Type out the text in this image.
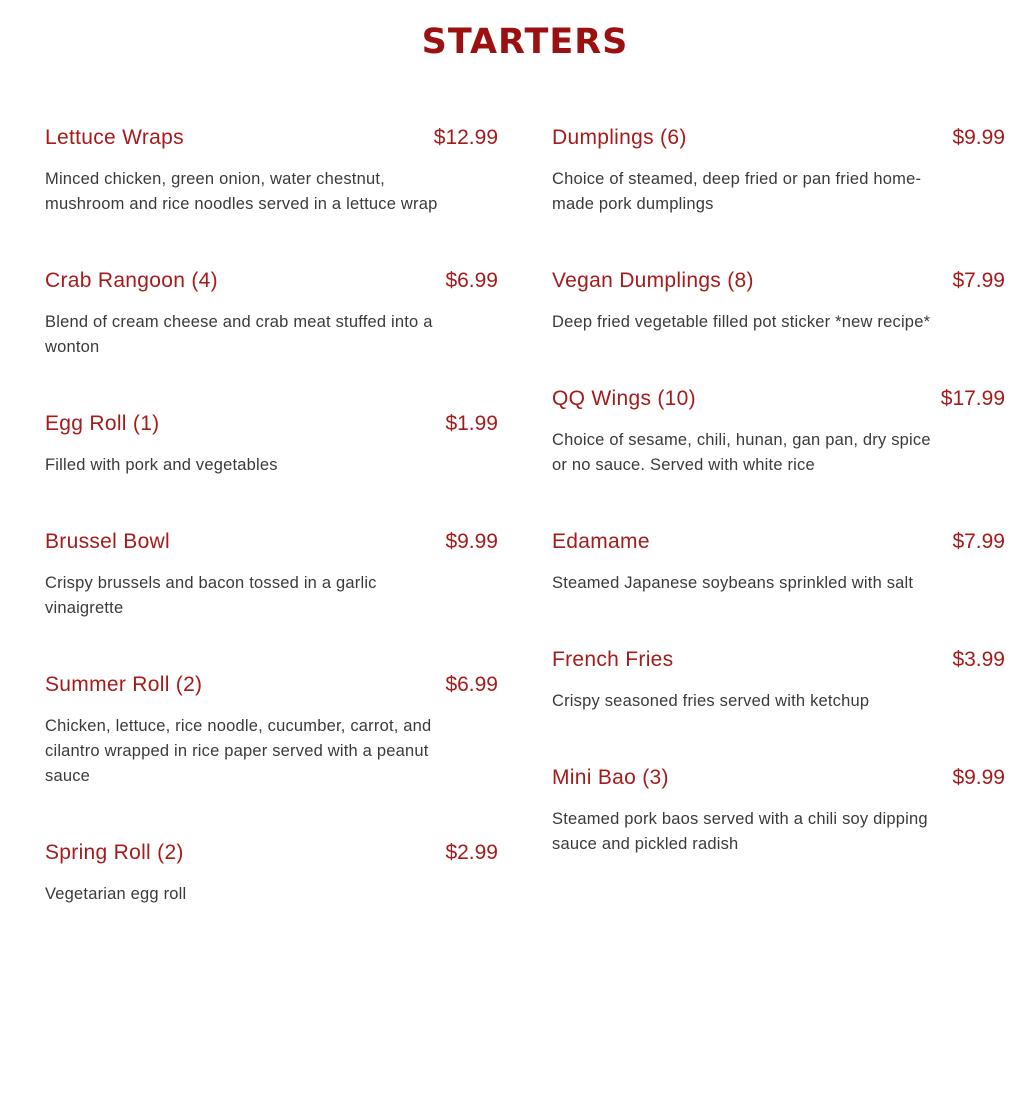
STARTERS
Lettuce Wraps	$12.99
Minced chicken, green onion, water chestnut, mushroom and rice noodles served in a lettuce wrap
Crab Rangoon (4)	$6.99
Blend of cream cheese and crab meat stuffed into a wonton
Egg Roll (1)	$1.99
Filled with pork and vegetables
Brussel Bowl	$9.99
Crispy brussels and bacon tossed in a garlic vinaigrette
Summer Roll (2)	$6.99
Chicken, lettuce, rice noodle, cucumber, carrot, and cilantro wrapped in rice paper served with a peanut sauce
Spring Roll (2)	$2.99
Vegetarian egg roll
Dumplings (6)	$9.99
Choice of steamed, deep fried or pan fried home-made pork dumplings
Vegan Dumplings (8)	$7.99
Deep fried vegetable filled pot sticker *new recipe*
QQ Wings (10)	$17.99
Choice of sesame, chili, hunan, gan pan, dry spice or no sauce. Served with white rice
Edamame	$7.99
Steamed Japanese soybeans sprinkled with salt
French Fries	$3.99
Crispy seasoned fries served with ketchup
Mini Bao (3)	$9.99
Steamed pork baos served with a chili soy dipping sauce and pickled radish
